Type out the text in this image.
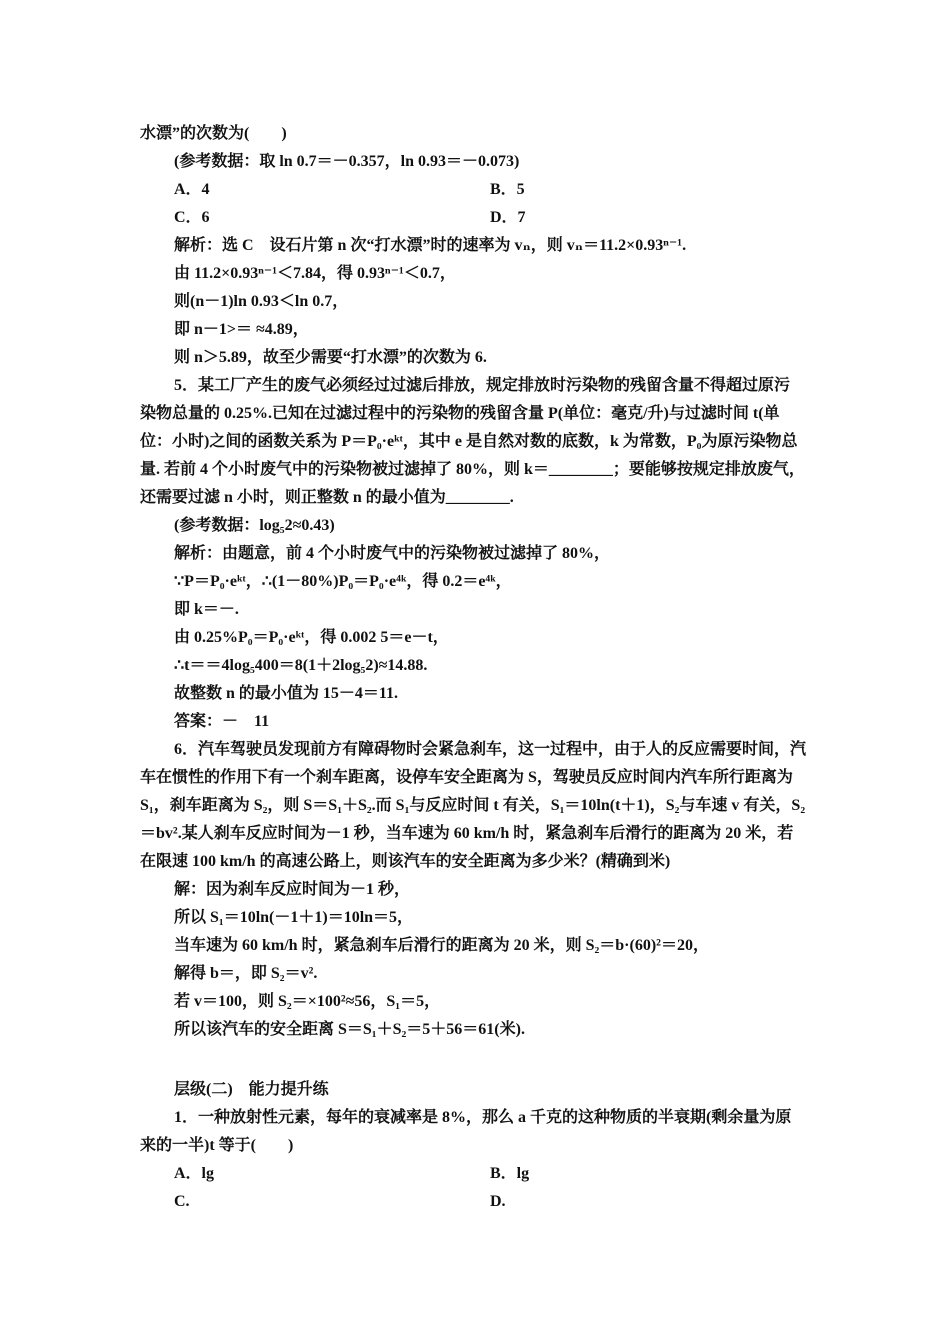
水漂”的次数为(　　)
(参考数据：取 ln 0.7＝－0.357，ln 0.93＝－0.073)
A．4	B．5
C．6	D．7
解析：选 C　设石片第 n 次“打水漂”时的速率为 vₙ，则 vₙ＝11.2×0.93ⁿ⁻¹.
由 11.2×0.93ⁿ⁻¹＜7.84，得 0.93ⁿ⁻¹＜0.7，
则(n－1)ln 0.93＜ln 0.7，
即 n－1>＝ ≈4.89，
则 n＞5.89，故至少需要“打水漂”的次数为 6.
5．某工厂产生的废气必须经过过滤后排放，规定排放时污染物的残留含量不得超过原污
染物总量的 0.25%.已知在过滤过程中的污染物的残留含量 P(单位：毫克/升)与过滤时间 t(单
位：小时)之间的函数关系为 P＝P₀·eᵏᵗ，其中 e 是自然对数的底数，k 为常数，P₀为原污染物总
量. 若前 4 个小时废气中的污染物被过滤掉了 80%，则 k＝________；要能够按规定排放废气，
还需要过滤 n 小时，则正整数 n 的最小值为________.
(参考数据：log₅2≈0.43)
解析：由题意，前 4 个小时废气中的污染物被过滤掉了 80%，
∵P＝P₀·eᵏᵗ，∴(1－80%)P₀＝P₀·e⁴ᵏ，得 0.2＝e⁴ᵏ，
即 k＝－.
由 0.25%P₀＝P₀·eᵏᵗ，得 0.002 5＝e－t，
∴t＝＝4log₅400＝8(1＋2log₅2)≈14.88.
故整数 n 的最小值为 15－4＝11.
答案：－　11
6．汽车驾驶员发现前方有障碍物时会紧急刹车，这一过程中，由于人的反应需要时间，汽
车在惯性的作用下有一个刹车距离，设停车安全距离为 S，驾驶员反应时间内汽车所行距离为
S₁，刹车距离为 S₂，则 S＝S₁＋S₂.而 S₁与反应时间 t 有关，S₁＝10ln(t＋1)，S₂与车速 v 有关，S₂
＝bv².某人刹车反应时间为－1 秒，当车速为 60 km/h 时，紧急刹车后滑行的距离为 20 米，若
在限速 100 km/h 的高速公路上，则该汽车的安全距离为多少米？(精确到米)
解：因为刹车反应时间为－1 秒，
所以 S₁＝10ln(－1＋1)＝10ln＝5，
当车速为 60 km/h 时，紧急刹车后滑行的距离为 20 米，则 S₂＝b·(60)²＝20，
解得 b＝，即 S₂＝v².
若 v＝100，则 S₂＝×100²≈56，S₁＝5，
所以该汽车的安全距离 S＝S₁＋S₂＝5＋56＝61(米).
层级(二)　能力提升练
1．一种放射性元素，每年的衰减率是 8%，那么 a 千克的这种物质的半衰期(剩余量为原
来的一半)t 等于(　　)
A．lg	B．lg
C.	D.
